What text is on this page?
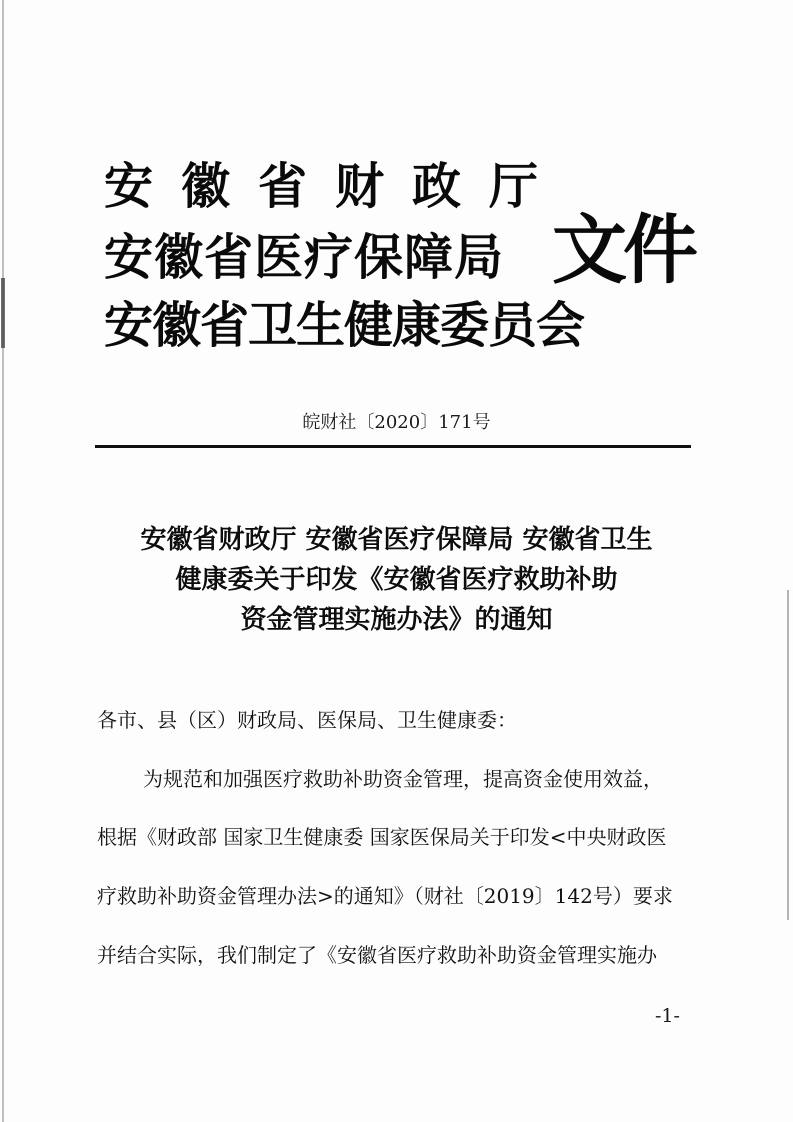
安徽省财政厅
安徽省医疗保障局
安徽省卫生健康委员会
文件
皖财社〔2020〕171号
安徽省财政厅 安徽省医疗保障局 安徽省卫生
健康委关于印发《安徽省医疗救助补助
资金管理实施办法》的通知
各市、县（区）财政局、医保局、卫生健康委：
为规范和加强医疗救助补助资金管理，提高资金使用效益，
根据《财政部 国家卫生健康委 国家医保局关于印发<中央财政医
疗救助补助资金管理办法>的通知》（财社〔2019〕142号）要求
并结合实际，我们制定了《安徽省医疗救助补助资金管理实施办
-1-
